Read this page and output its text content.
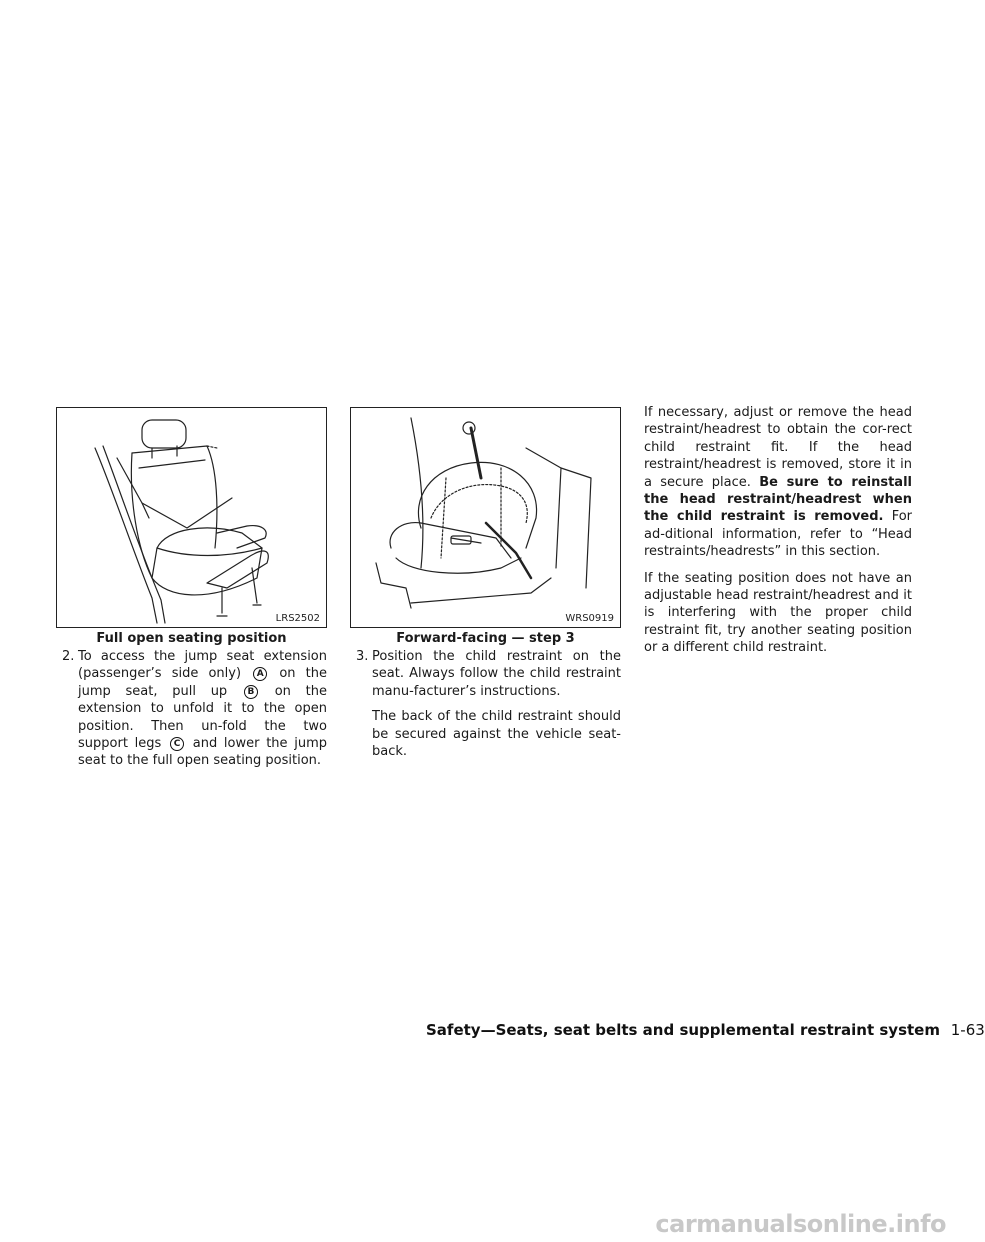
LRS2502
Full open seating position
WRS0919
Forward-facing — step 3

2. To access the jump seat extension (passenger’s side only) A on the jump seat, pull up B on the extension to unfold it to the open position. Then un-fold the two support legs C and lower the jump seat to the full open seating position.

3. Position the child restraint on the seat. Always follow the child restraint manu-facturer’s instructions.

The back of the child restraint should be secured against the vehicle seat-back.

If necessary, adjust or remove the head restraint/headrest to obtain the cor-rect child restraint fit. If the head restraint/headrest is removed, store it in a secure place. Be sure to reinstall the head restraint/headrest when the child restraint is removed. For ad-ditional information, refer to “Head restraints/headrests” in this section.

If the seating position does not have an adjustable head restraint/headrest and it is interfering with the proper child restraint fit, try another seating position or a different child restraint.

Safety—Seats, seat belts and supplemental restraint system 1-63
carmanualsonline.info
